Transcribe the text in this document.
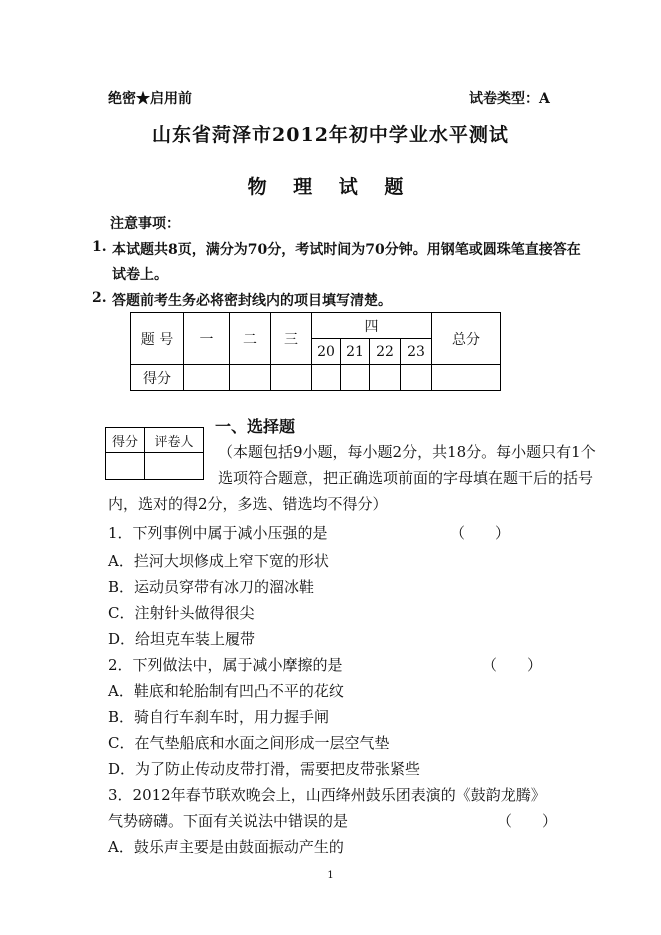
绝密★启用前	试卷类型：A
山东省菏泽市2012年初中学业水平测试
物 理 试 题
注意事项：
1. 本试题共8页，满分为70分，考试时间为70分钟。用钢笔或圆珠笔直接答在
试卷上。
2. 答题前考生务必将密封线内的项目填写清楚。
题 号	一	二	三	四				总分
				20	21	22	23	
得分								
得分	评卷人

一、选择题
（本题包括9小题，每小题2分，共18分。每小题只有1个
选项符合题意，把正确选项前面的字母填在题干后的括号
内，选对的得2分，多选、错选均不得分）
1．下列事例中属于减小压强的是	（　　）
A．拦河大坝修成上窄下宽的形状
B．运动员穿带有冰刀的溜冰鞋
C．注射针头做得很尖
D．给坦克车装上履带
2．下列做法中，属于减小摩擦的是	（　　）
A．鞋底和轮胎制有凹凸不平的花纹
B．骑自行车刹车时，用力握手闸
C．在气垫船底和水面之间形成一层空气垫
D．为了防止传动皮带打滑，需要把皮带张紧些
3．2012年春节联欢晚会上，山西绛州鼓乐团表演的《鼓韵龙腾》
气势磅礴。下面有关说法中错误的是	（　　）
A．鼓乐声主要是由鼓面振动产生的
1
